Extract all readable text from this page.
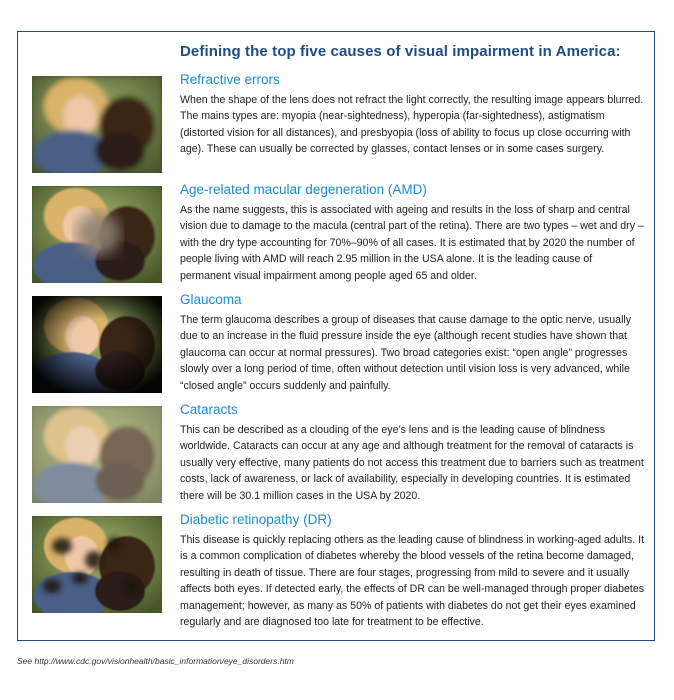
Defining the top five causes of visual impairment in America:
Refractive errors

When the shape of the lens does not refract the light correctly, the resulting image appears blurred. The mains types are: myopia (near-sightedness), hyperopia (far-sightedness), astigmatism (distorted vision for all distances), and presbyopia (loss of ability to focus up close occurring with age). These can usually be corrected by glasses, contact lenses or in some cases surgery.

Age-related macular degeneration (AMD)

As the name suggests, this is associated with ageing and results in the loss of sharp and central vision due to damage to the macula (central part of the retina). There are two types – wet and dry – with the dry type accounting for 70%–90% of all cases. It is estimated that by 2020 the number of people living with AMD will reach 2.95 million in the USA alone. It is the leading cause of permanent visual impairment among people aged 65 and older.

Glaucoma

The term glaucoma describes a group of diseases that cause damage to the optic nerve, usually due to an increase in the fluid pressure inside the eye (although recent studies have shown that glaucoma can occur at normal pressures). Two broad categories exist: “open angle” progresses slowly over a long period of time, often without detection until vision loss is very advanced, while “closed angle” occurs suddenly and painfully.

Cataracts

This can be described as a clouding of the eye’s lens and is the leading cause of blindness worldwide. Cataracts can occur at any age and although treatment for the removal of cataracts is usually very effective, many patients do not access this treatment due to barriers such as treatment costs, lack of awareness, or lack of availability, especially in developing countries. It is estimated there will be 30.1 million cases in the USA by 2020.

Diabetic retinopathy (DR)

This disease is quickly replacing others as the leading cause of blindness in working-aged adults. It is a common complication of diabetes whereby the blood vessels of the retina become damaged, resulting in death of tissue. There are four stages, progressing from mild to severe and it usually affects both eyes. If detected early, the effects of DR can be well-managed through proper diabetes management; however, as many as 50% of patients with diabetes do not get their eyes examined regularly and are diagnosed too late for treatment to be effective.

See http://www.cdc.gov/visionhealth/basic_information/eye_disorders.htm
